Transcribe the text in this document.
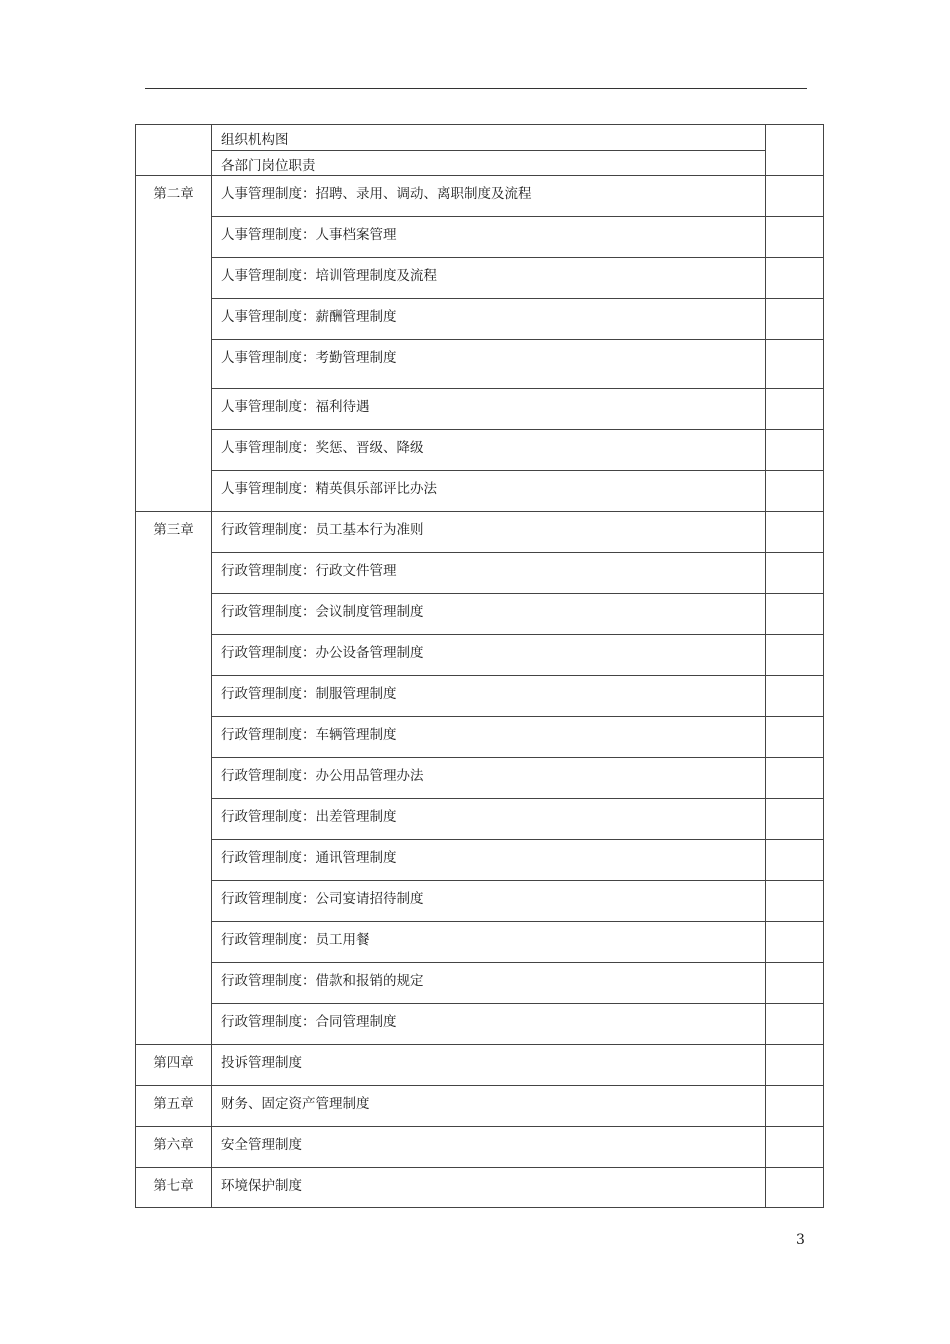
	组织机构图	
	各部门岗位职责	
第二章	人事管理制度：招聘、录用、调动、离职制度及流程	
	人事管理制度：人事档案管理	
	人事管理制度：培训管理制度及流程	
	人事管理制度：薪酬管理制度	
	人事管理制度：考勤管理制度	
	人事管理制度：福利待遇	
	人事管理制度：奖惩、晋级、降级	
	人事管理制度：精英俱乐部评比办法	
第三章	行政管理制度：员工基本行为准则	
	行政管理制度：行政文件管理	
	行政管理制度：会议制度管理制度	
	行政管理制度：办公设备管理制度	
	行政管理制度：制服管理制度	
	行政管理制度：车辆管理制度	
	行政管理制度：办公用品管理办法	
	行政管理制度：出差管理制度	
	行政管理制度：通讯管理制度	
	行政管理制度：公司宴请招待制度	
	行政管理制度：员工用餐	
	行政管理制度：借款和报销的规定	
	行政管理制度：合同管理制度	
第四章	投诉管理制度	
第五章	财务、固定资产管理制度	
第六章	安全管理制度	
第七章	环境保护制度	
3
